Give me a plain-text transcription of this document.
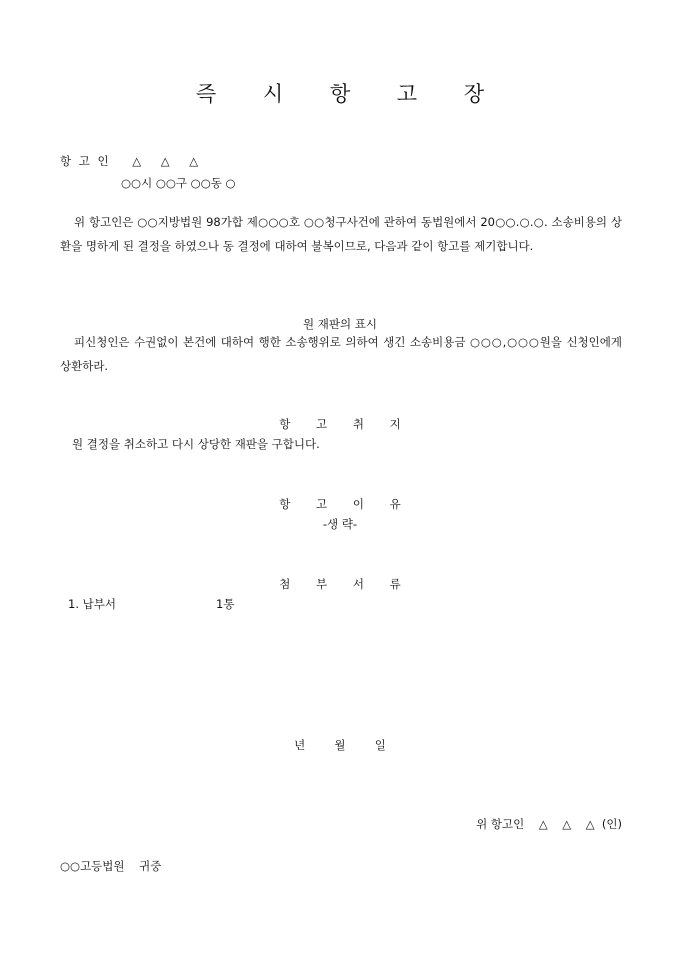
즉 시 항 고 장
항 고 인 △ △ △
○○시 ○○구 ○○동 ○
위 항고인은 ○○지방법원 98가합 제○○○호 ○○청구사건에 관하여 동법원에서 20○○.○.○. 소송비용의 상환을 명하게 된 결정을 하였으나 동 결정에 대하여 불복이므로, 다음과 같이 항고를 제기합니다.
원 재판의 표시
피신청인은 수권없이 본건에 대하여 행한 소송행위로 의하여 생긴 소송비용금 ○○○,○○○원을 신청인에게 상환하라.
항 고 취 지
원 결정을 취소하고 다시 상당한 재판을 구합니다.
항 고 이 유
-생 략-
첨 부 서 류
1. 납부서	1통
년        월        일
위 항고인    △    △    △  (인)
○○고등법원    귀중
